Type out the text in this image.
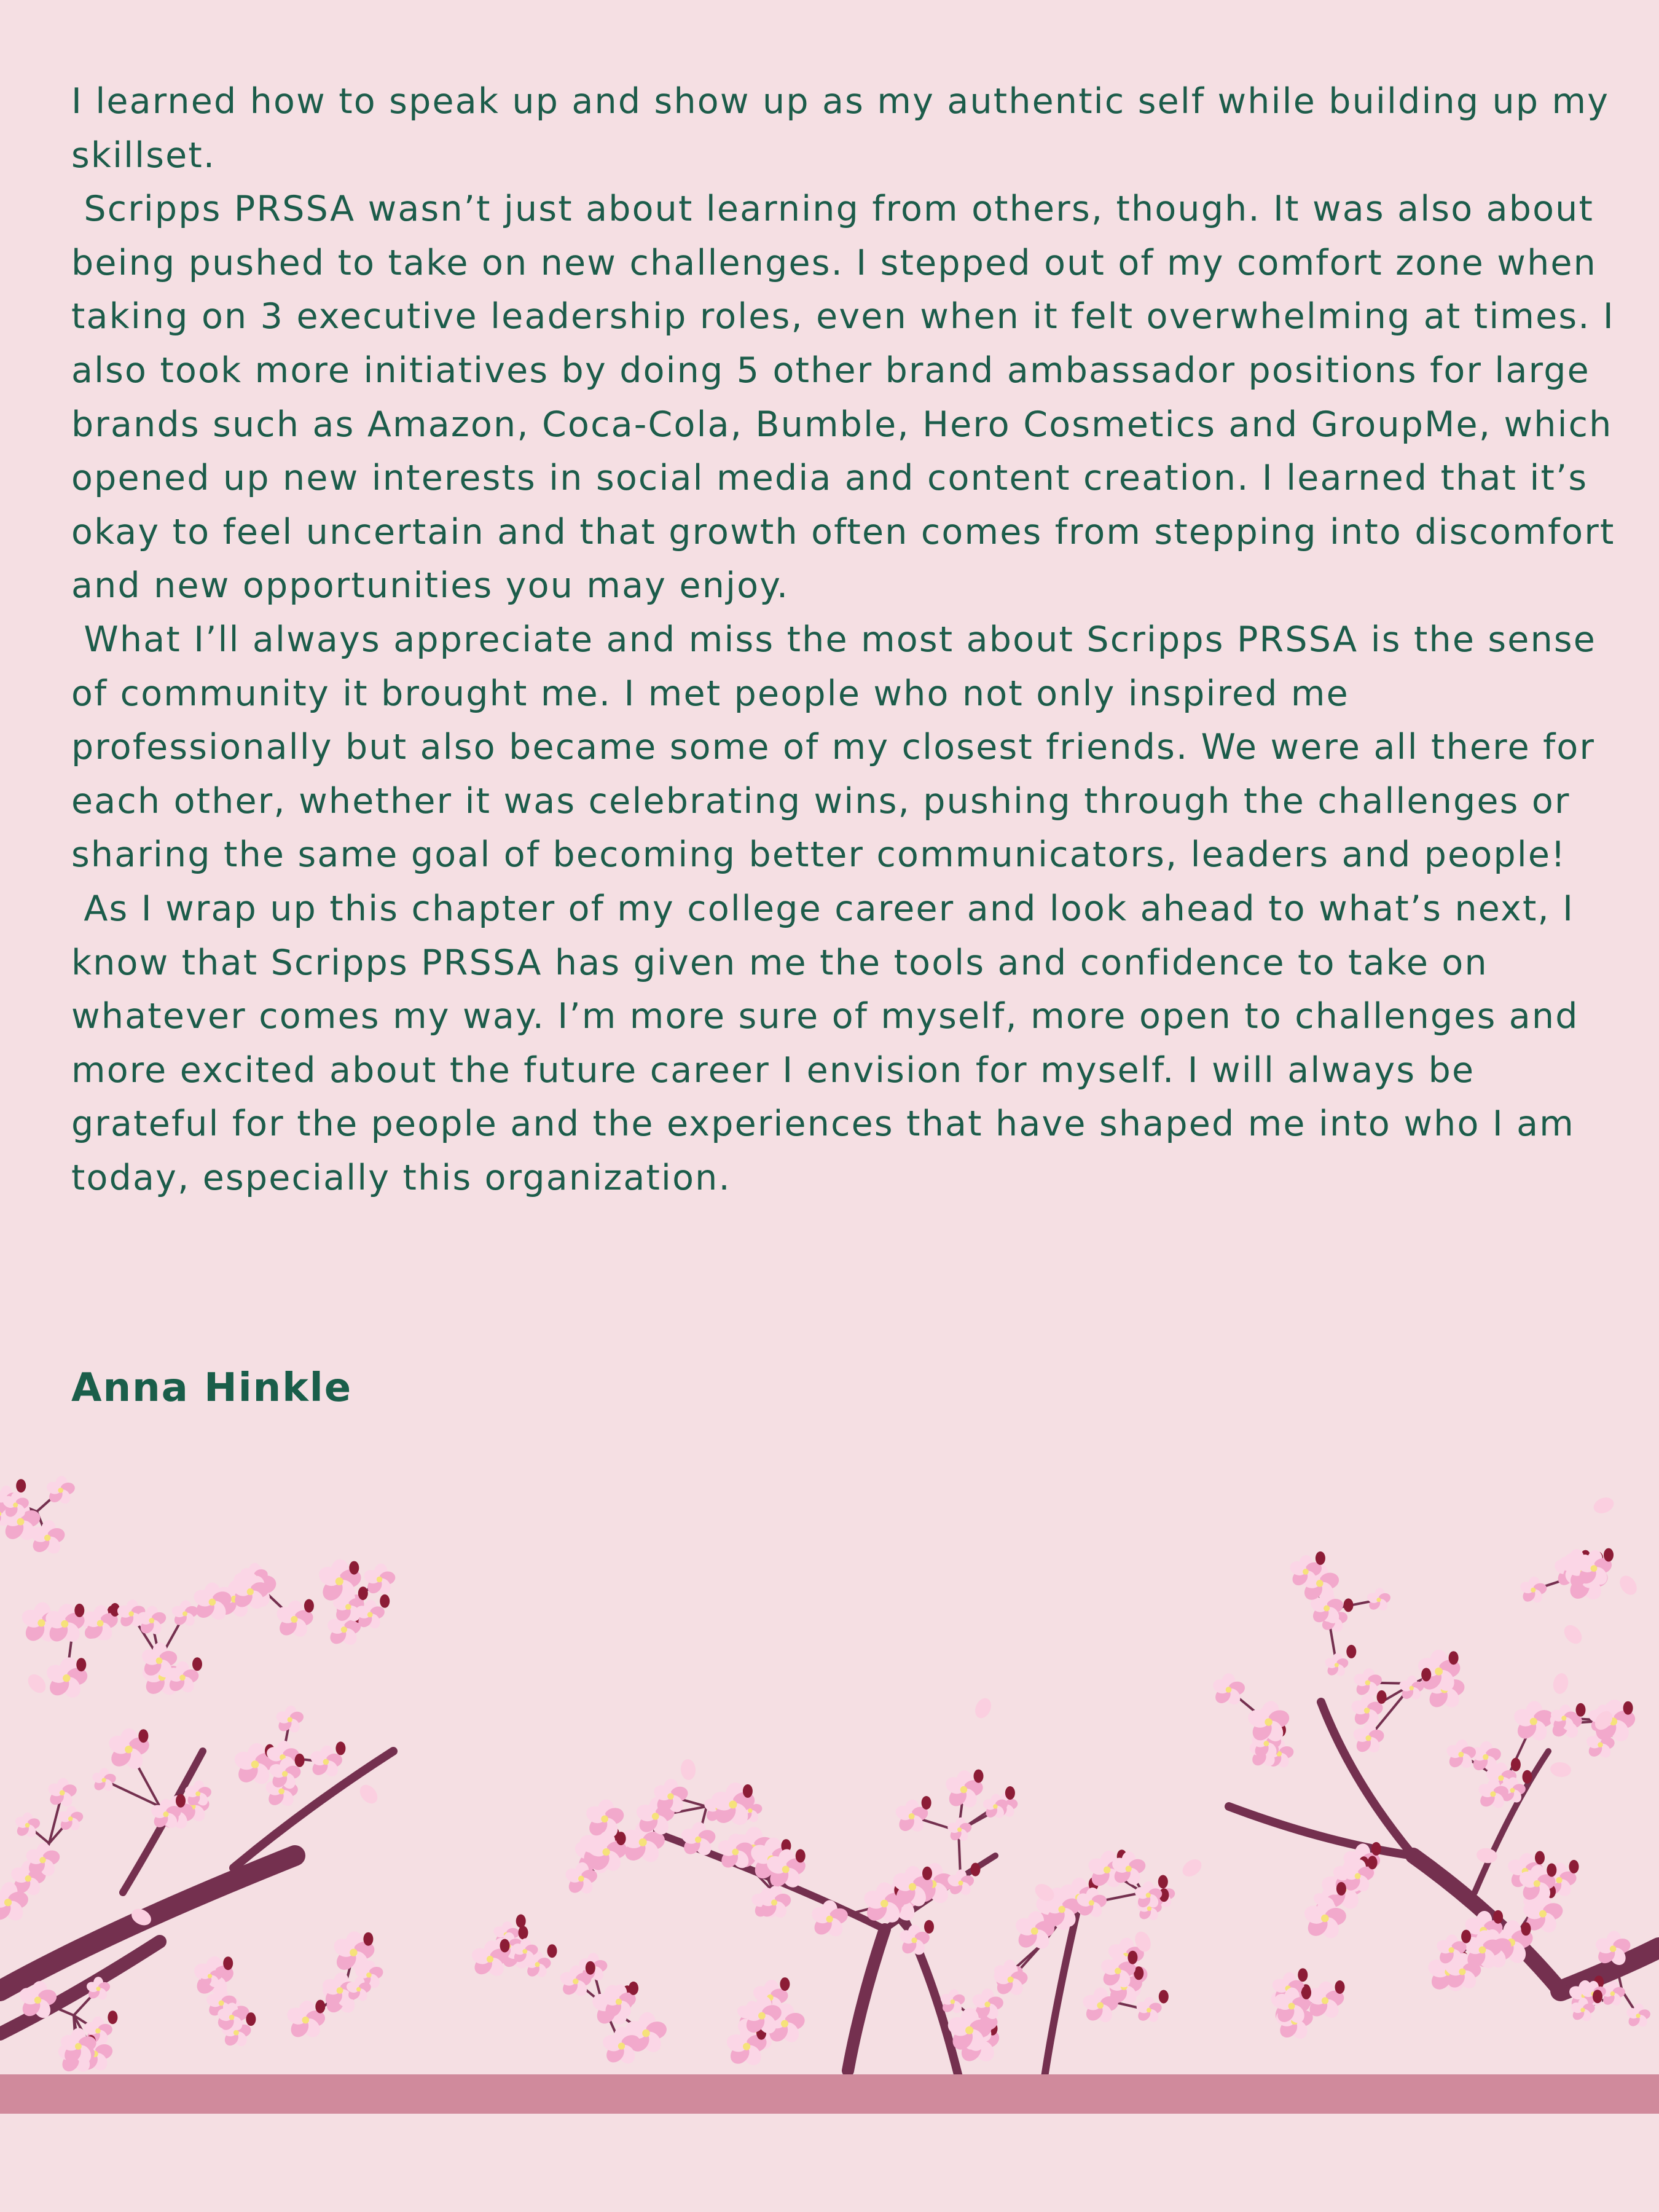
I learned how to speak up and show up as my authentic self while building up my skillset.

Scripps PRSSA wasn’t just about learning from others, though. It was also about being pushed to take on new challenges. I stepped out of my comfort zone when taking on 3 executive leadership roles, even when it felt overwhelming at times. I also took more initiatives by doing 5 other brand ambassador positions for large brands such as Amazon, Coca-Cola, Bumble, Hero Cosmetics and GroupMe, which opened up new interests in social media and content creation. I learned that it’s okay to feel uncertain and that growth often comes from stepping into discomfort and new opportunities you may enjoy.

What I’ll always appreciate and miss the most about Scripps PRSSA is the sense of community it brought me. I met people who not only inspired me professionally but also became some of my closest friends. We were all there for each other, whether it was celebrating wins, pushing through the challenges or sharing the same goal of becoming better communicators, leaders and people!

As I wrap up this chapter of my college career and look ahead to what’s next, I know that Scripps PRSSA has given me the tools and confidence to take on whatever comes my way. I’m more sure of myself, more open to challenges and more excited about the future career I envision for myself. I will always be grateful for the people and the experiences that have shaped me into who I am today, especially this organization.

Anna Hinkle
